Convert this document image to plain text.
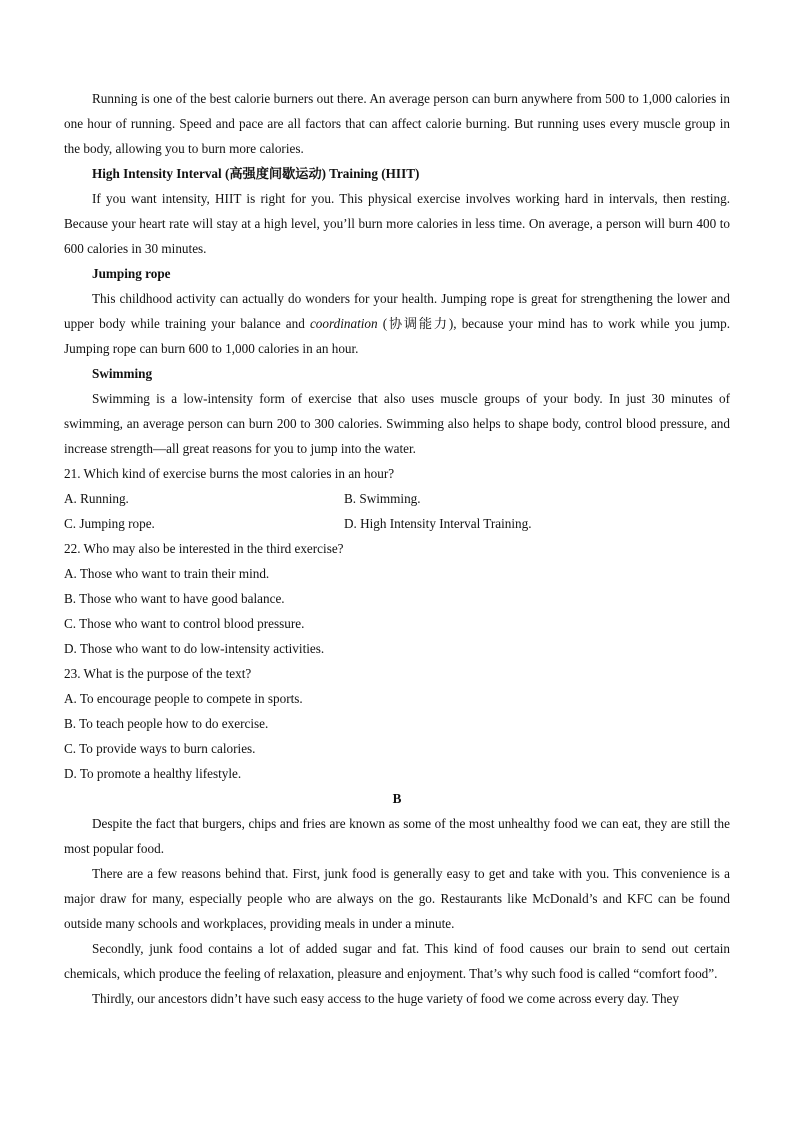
Running is one of the best calorie burners out there. An average person can burn anywhere from 500 to 1,000 calories in one hour of running. Speed and pace are all factors that can affect calorie burning. But running uses every muscle group in the body, allowing you to burn more calories.

High Intensity Interval (高强度间歇运动) Training (HIIT)

If you want intensity, HIIT is right for you. This physical exercise involves working hard in intervals, then resting. Because your heart rate will stay at a high level, you’ll burn more calories in less time. On average, a person will burn 400 to 600 calories in 30 minutes.

Jumping rope

This childhood activity can actually do wonders for your health. Jumping rope is great for strengthening the lower and upper body while training your balance and coordination (协调能力), because your mind has to work while you jump. Jumping rope can burn 600 to 1,000 calories in an hour.

Swimming

Swimming is a low-intensity form of exercise that also uses muscle groups of your body. In just 30 minutes of swimming, an average person can burn 200 to 300 calories. Swimming also helps to shape body, control blood pressure, and increase strength—all great reasons for you to jump into the water.

21. Which kind of exercise burns the most calories in an hour?

A. Running.	B. Swimming.
C. Jumping rope.	D. High Intensity Interval Training.

22. Who may also be interested in the third exercise?

A. Those who want to train their mind.

B. Those who want to have good balance.

C. Those who want to control blood pressure.

D. Those who want to do low-intensity activities.

23. What is the purpose of the text?

A. To encourage people to compete in sports.

B. To teach people how to do exercise.

C. To provide ways to burn calories.

D. To promote a healthy lifestyle.

B

Despite the fact that burgers, chips and fries are known as some of the most unhealthy food we can eat, they are still the most popular food.

There are a few reasons behind that. First, junk food is generally easy to get and take with you. This convenience is a major draw for many, especially people who are always on the go. Restaurants like McDonald’s and KFC can be found outside many schools and workplaces, providing meals in under a minute.

Secondly, junk food contains a lot of added sugar and fat. This kind of food causes our brain to send out certain chemicals, which produce the feeling of relaxation, pleasure and enjoyment. That’s why such food is called “comfort food”.

Thirdly, our ancestors didn’t have such easy access to the huge variety of food we come across every day. They
